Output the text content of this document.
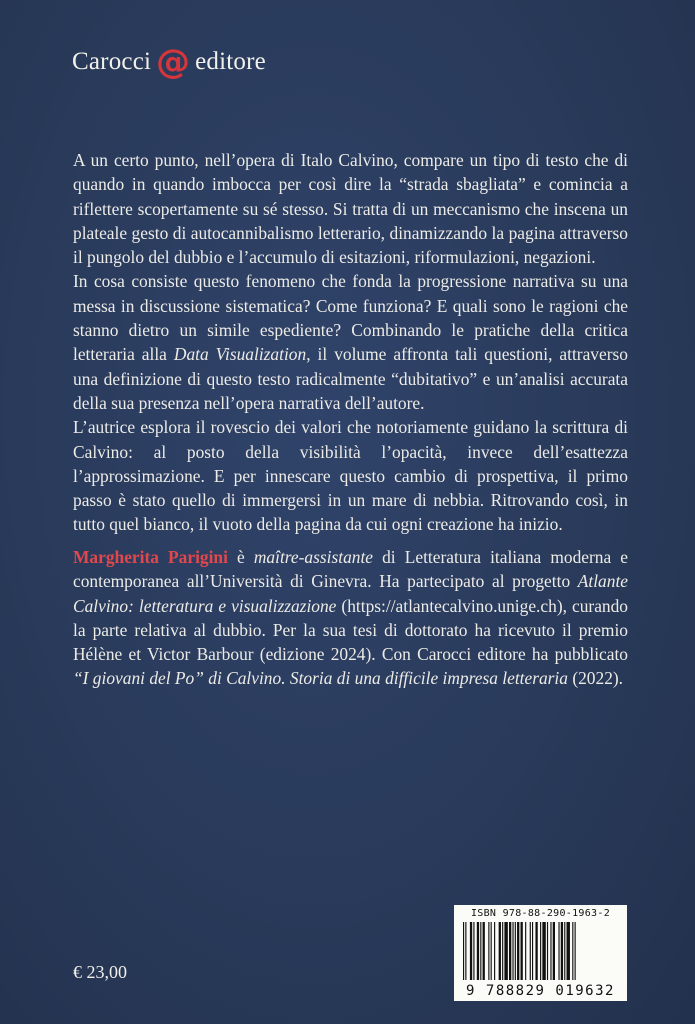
Carocci @ editore

A un certo punto, nell’opera di Italo Calvino, compare un tipo di testo che di quando in quando imbocca per così dire la “strada sbagliata” e comincia a riflettere scopertamente su sé stesso. Si tratta di un meccanismo che inscena un plateale gesto di autocannibalismo letterario, dinamizzando la pagina attraverso il pungolo del dubbio e l’accumulo di esitazioni, riformulazioni, negazioni.

In cosa consiste questo fenomeno che fonda la progressione narrativa su una messa in discussione sistematica? Come funziona? E quali sono le ragioni che stanno dietro un simile espediente? Combinando le pratiche della critica letteraria alla Data Visualization, il volume affronta tali questioni, attraverso una definizione di questo testo radicalmente “dubitativo” e un’analisi accurata della sua presenza nell’opera narrativa dell’autore.

L’autrice esplora il rovescio dei valori che notoriamente guidano la scrittura di Calvino: al posto della visibilità l’opacità, invece dell’esattezza l’approssimazione. E per innescare questo cambio di prospettiva, il primo passo è stato quello di immergersi in un mare di nebbia. Ritrovando così, in tutto quel bianco, il vuoto della pagina da cui ogni creazione ha inizio.

Margherita Parigini è maître-assistante di Letteratura italiana moderna e contemporanea all’Università di Ginevra. Ha partecipato al progetto Atlante Calvino: letteratura e visualizzazione (https://atlantecalvino.unige.ch), curando la parte relativa al dubbio. Per la sua tesi di dottorato ha ricevuto il premio Hélène et Victor Barbour (edizione 2024). Con Carocci editore ha pubblicato “I giovani del Po” di Calvino. Storia di una difficile impresa letteraria (2022).
€ 23,00
ISBN 978-88-290-1963-2
9 788829 019632
